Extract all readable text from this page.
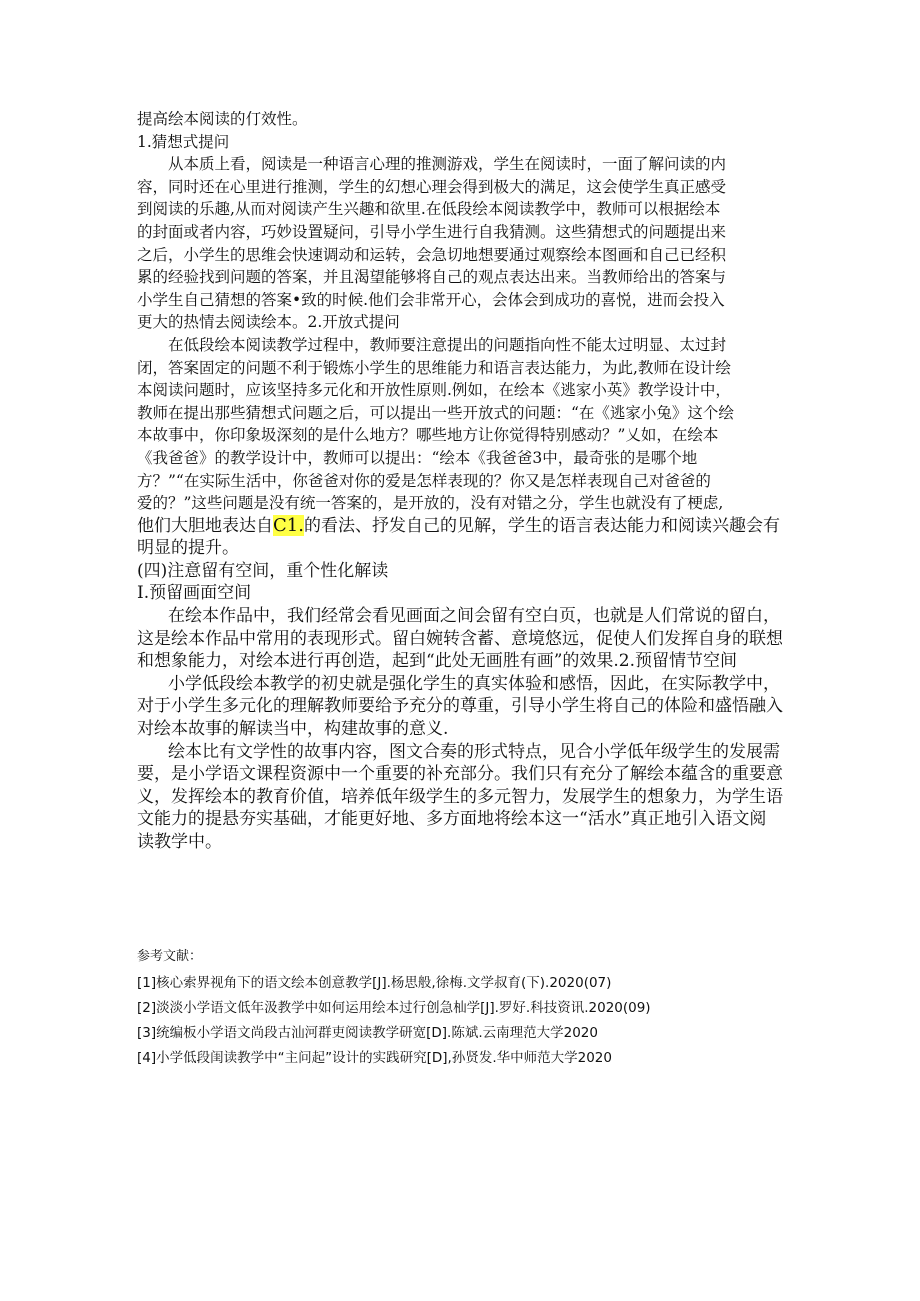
提高绘本阅读的仃效性。

1.猜想式提问

从本质上看，阅读是一种语言心理的推测游戏，学生在阅读时，一面了解问读的内

容，同时还在心里进行推测，学生的幻想心理会得到极大的满足，这会使学生真正感受

到阅读的乐趣,从而对阅读产生兴趣和欲里.在低段绘本阅读教学中，教师可以根据绘本

的封面或者内容，巧妙设置疑问，引导小学生进行自我猜测。这些猜想式的问题提出来

之后，小学生的思维会快速调动和运转，会急切地想要通过观察绘本图画和自己已经积

累的经验找到问题的答案，并且渴望能够将自己的观点表达出来。当教师给出的答案与

小学生自己猜想的答案•致的时候.他们会非常开心，会体会到成功的喜悦，进而会投入

更大的热情去阅读绘本。2.开放式提问

在低段绘本阅读教学过程中，教师要注意提出的问题指向性不能太过明显、太过封

闭，答案固定的问题不利于锻炼小学生的思维能力和语言表达能力，为此,教师在设计绘

本阅读问题时，应该坚持多元化和开放性原则.例如，在绘本《逃家小英》教学设计中，

教师在提出那些猜想式问题之后，可以提出一些开放式的问题：“在《逃家小兔》这个绘

本故事中，你印象圾深刻的是什么地方？哪些地方让你觉得特别感动？”乂如，在绘本

《我爸爸》的教学设计中，教师可以提出：“绘本《我爸爸3中，最奇张的是哪个地

方？”“在实际生活中，你爸爸对你的爱是怎样表现的？你又是怎样表现自己对爸爸的

爱的？”这些问题是没有统一答案的，是开放的，没有对错之分，学生也就没有了梗虑,

他们大胆地表达自C1.的看法、抒发自己的见解，学生的语言表达能力和阅读兴趣会有

明显的提升。

(四)注意留有空间，重个性化解读

I.预留画面空间

在绘本作品中，我们经常会看见画面之间会留有空白页，也就是人们常说的留白，

这是绘本作品中常用的表现形式。留白婉转含蓄、意境悠远，促使人们发挥自身的联想

和想象能力，对绘本进行再创造，起到“此处无画胜有画”的效果.2.预留情节空间

小学低段绘本教学的初史就是强化学生的真实体验和感悟，因此，在实际教学中，

对于小学生多元化的理解教师要给予充分的尊重，引导小学生将自己的体险和盛悟融入

对绘本故事的解读当中，构建故事的意义.

绘本比有文学性的故事内容，图文合奏的形式特点，见合小学低年级学生的发展需

要，是小学语文课程资源中一个重要的补充部分。我们只有充分了解绘本蕴含的重要意

义，发挥绘本的教育价值，培养低年级学生的多元智力，发展学生的想象力，为学生语

文能力的提悬夯实基础，才能更好地、多方面地将绘本这一“活水”真正地引入语文阅

读教学中。

参考文献：
[1]核心索界视角下的语文绘本创意教学[J].杨思般,徐梅.文学叔育(下).2020(07)
[2]淡淡小学语文低年汲教学中如何运用绘本过行创急杣学[J].罗好.科技资讯.2020(09)
[3]统编板小学语文尚段古汕河群吏阅读教学研宽[D].陈斌.云南理范大学2020
[4]小学低段闺读教学中“主问起”设计的实践研究[D],孙贤发.华中师范大学2020
